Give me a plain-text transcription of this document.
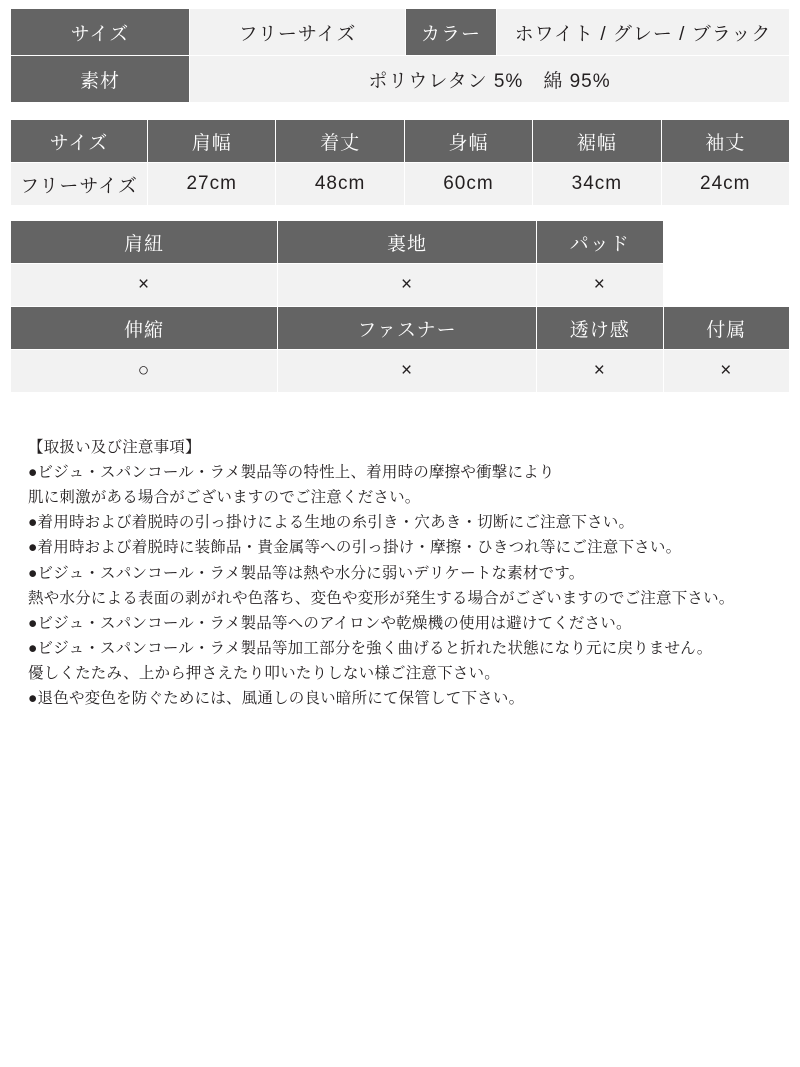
サイズ	フリーサイズ	カラー	ホワイト / グレー / ブラック
素材	ポリウレタン 5%　綿 95%		
サイズ	肩幅	着丈	身幅	裾幅	袖丈
フリーサイズ	27cm	48cm	60cm	34cm	24cm
肩紐	裏地	パッド	
×	×	×	
伸縮	ファスナー	透け感	付属
○	×	×	×
【取扱い及び注意事項】
●ビジュ・スパンコール・ラメ製品等の特性上、着用時の摩擦や衝撃により
肌に刺激がある場合がございますのでご注意ください。
●着用時および着脱時の引っ掛けによる生地の糸引き・穴あき・切断にご注意下さい。
●着用時および着脱時に装飾品・貴金属等への引っ掛け・摩擦・ひきつれ等にご注意下さい。
●ビジュ・スパンコール・ラメ製品等は熱や水分に弱いデリケートな素材です。
熱や水分による表面の剥がれや色落ち、変色や変形が発生する場合がございますのでご注意下さい。
●ビジュ・スパンコール・ラメ製品等へのアイロンや乾燥機の使用は避けてください。
●ビジュ・スパンコール・ラメ製品等加工部分を強く曲げると折れた状態になり元に戻りません。
優しくたたみ、上から押さえたり叩いたりしない様ご注意下さい。
●退色や変色を防ぐためには、風通しの良い暗所にて保管して下さい。
